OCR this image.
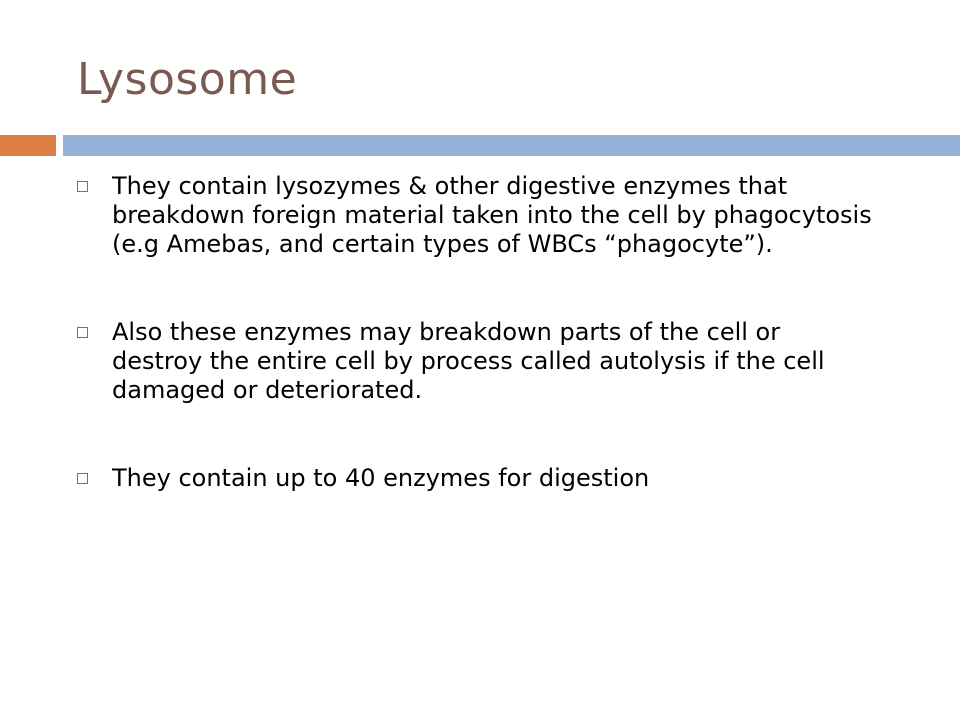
Lysosome
They contain lysozymes & other digestive enzymes that breakdown foreign material taken into the cell by phagocytosis (e.g Amebas, and certain types of WBCs “phagocyte”).
Also these enzymes may breakdown parts of the cell or destroy the entire cell by process called autolysis if the cell damaged or deteriorated.
They contain up to 40 enzymes for digestion
